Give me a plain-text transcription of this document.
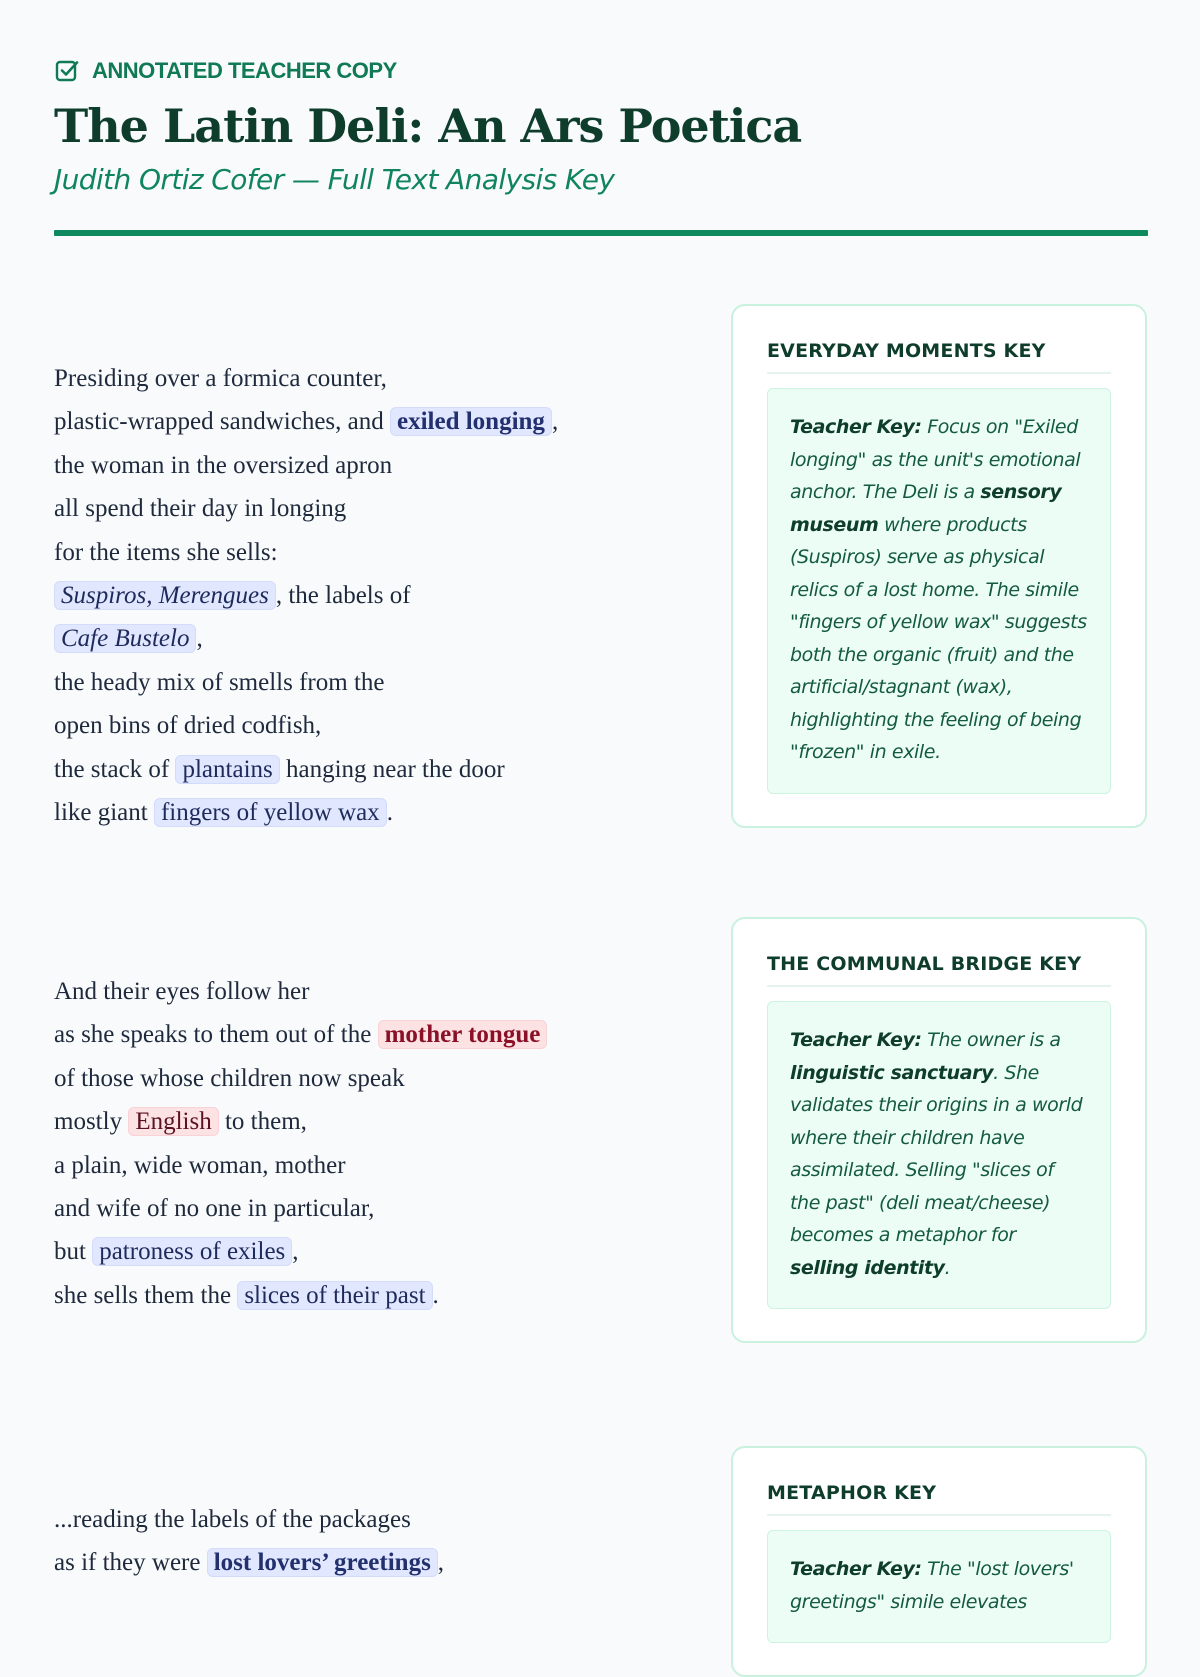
ANNOTATED TEACHER COPY
The Latin Deli: An Ars Poetica
Judith Ortiz Cofer — Full Text Analysis Key
Presiding over a formica counter,
plastic-wrapped sandwiches, and exiled longing ,
the woman in the oversized apron
all spend their day in longing
for the items she sells:
Suspiros, Merengues , the labels of
Cafe Bustelo ,
the heady mix of smells from the
open bins of dried codfish,
the stack of plantains hanging near the door
like giant fingers of yellow wax .
EVERYDAY MOMENTS KEY
Teacher Key: Focus on "Exiled longing" as the unit's emotional anchor. The Deli is a sensory museum where products (Suspiros) serve as physical relics of a lost home. The simile "fingers of yellow wax" suggests both the organic (fruit) and the artificial/stagnant (wax), highlighting the feeling of being "frozen" in exile.
And their eyes follow her
as she speaks to them out of the mother tongue
of those whose children now speak
mostly English to them,
a plain, wide woman, mother
and wife of no one in particular,
but patroness of exiles ,
she sells them the slices of their past .
THE COMMUNAL BRIDGE KEY
Teacher Key: The owner is a linguistic sanctuary. She validates their origins in a world where their children have assimilated. Selling "slices of the past" (deli meat/cheese) becomes a metaphor for selling identity.
...reading the labels of the packages
as if they were lost lovers’ greetings ,
METAPHOR KEY
Teacher Key: The "lost lovers' greetings" simile elevates
